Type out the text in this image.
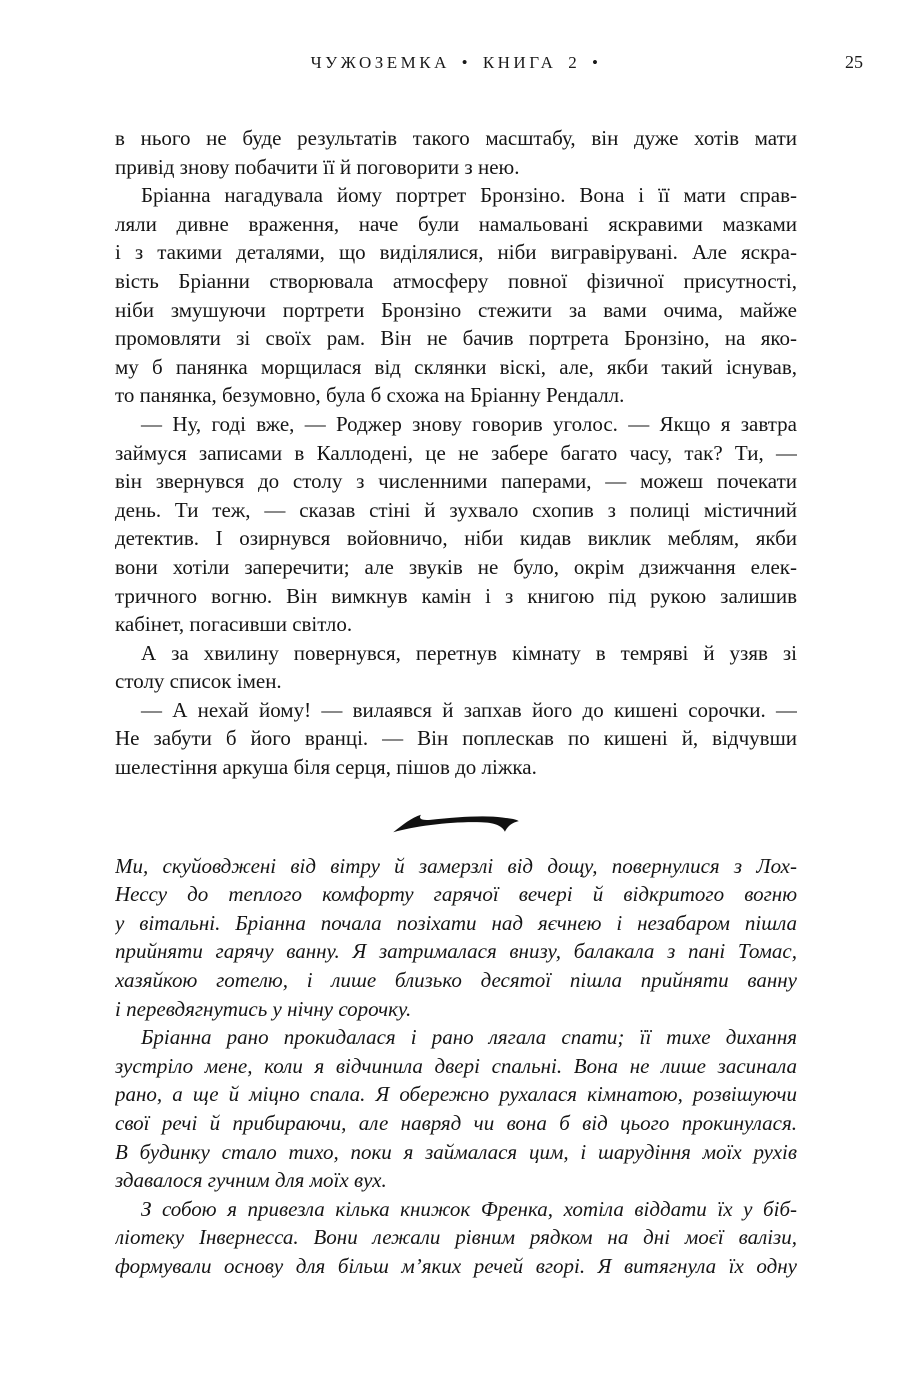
ЧУЖОЗЕМКА • КНИГА 2 •	25
в нього не буде результатів такого масштабу, він дуже хотів мати
привід знову побачити її й поговорити з нею.
Бріанна нагадувала йому портрет Бронзіно. Вона і її мати справ-
ляли дивне враження, наче були намальовані яскравими мазками
і з такими деталями, що виділялися, ніби вигравірувані. Але яскра-
вість Бріанни створювала атмосферу повної фізичної присутності,
ніби змушуючи портрети Бронзіно стежити за вами очима, майже
промовляти зі своїх рам. Він не бачив портрета Бронзіно, на яко-
му б панянка морщилася від склянки віскі, але, якби такий існував,
то панянка, безумовно, була б схожа на Бріанну Рендалл.
— Ну, годі вже, — Роджер знову говорив уголос. — Якщо я завтра
займуся записами в Каллодені, це не забере багато часу, так? Ти, —
він звернувся до столу з численними паперами, — можеш почекати
день. Ти теж, — сказав стіні й зухвало схопив з полиці містичний
детектив. І озирнувся войовничо, ніби кидав виклик меблям, якби
вони хотіли заперечити; але звуків не було, окрім дзижчання елек-
тричного вогню. Він вимкнув камін і з книгою під рукою залишив
кабінет, погасивши світло.
А за хвилину повернувся, перетнув кімнату в темряві й узяв зі
столу список імен.
— А нехай йому! — вилаявся й запхав його до кишені сорочки. —
Не забути б його вранці. — Він поплескав по кишені й, відчувши
шелестіння аркуша біля серця, пішов до ліжка.
Ми, скуйовджені від вітру й замерзлі від дощу, повернулися з Лох-
Нессу до теплого комфорту гарячої вечері й відкритого вогню
у вітальні. Бріанна почала позіхати над яєчнею і незабаром пішла
прийняти гарячу ванну. Я затрималася внизу, балакала з пані Томас,
хазяйкою готелю, і лише близько десятої пішла прийняти ванну
і перевдягнутись у нічну сорочку.
Бріанна рано прокидалася і рано лягала спати; її тихе дихання
зустріло мене, коли я відчинила двері спальні. Вона не лише засинала
рано, а ще й міцно спала. Я обережно рухалася кімнатою, розвішуючи
свої речі й прибираючи, але навряд чи вона б від цього прокинулася.
В будинку стало тихо, поки я займалася цим, і шарудіння моїх рухів
здавалося гучним для моїх вух.
З собою я привезла кілька книжок Френка, хотіла віддати їх у біб-
ліотеку Інвернесса. Вони лежали рівним рядком на дні моєї валізи,
формували основу для більш м’яких речей вгорі. Я витягнула їх одну
